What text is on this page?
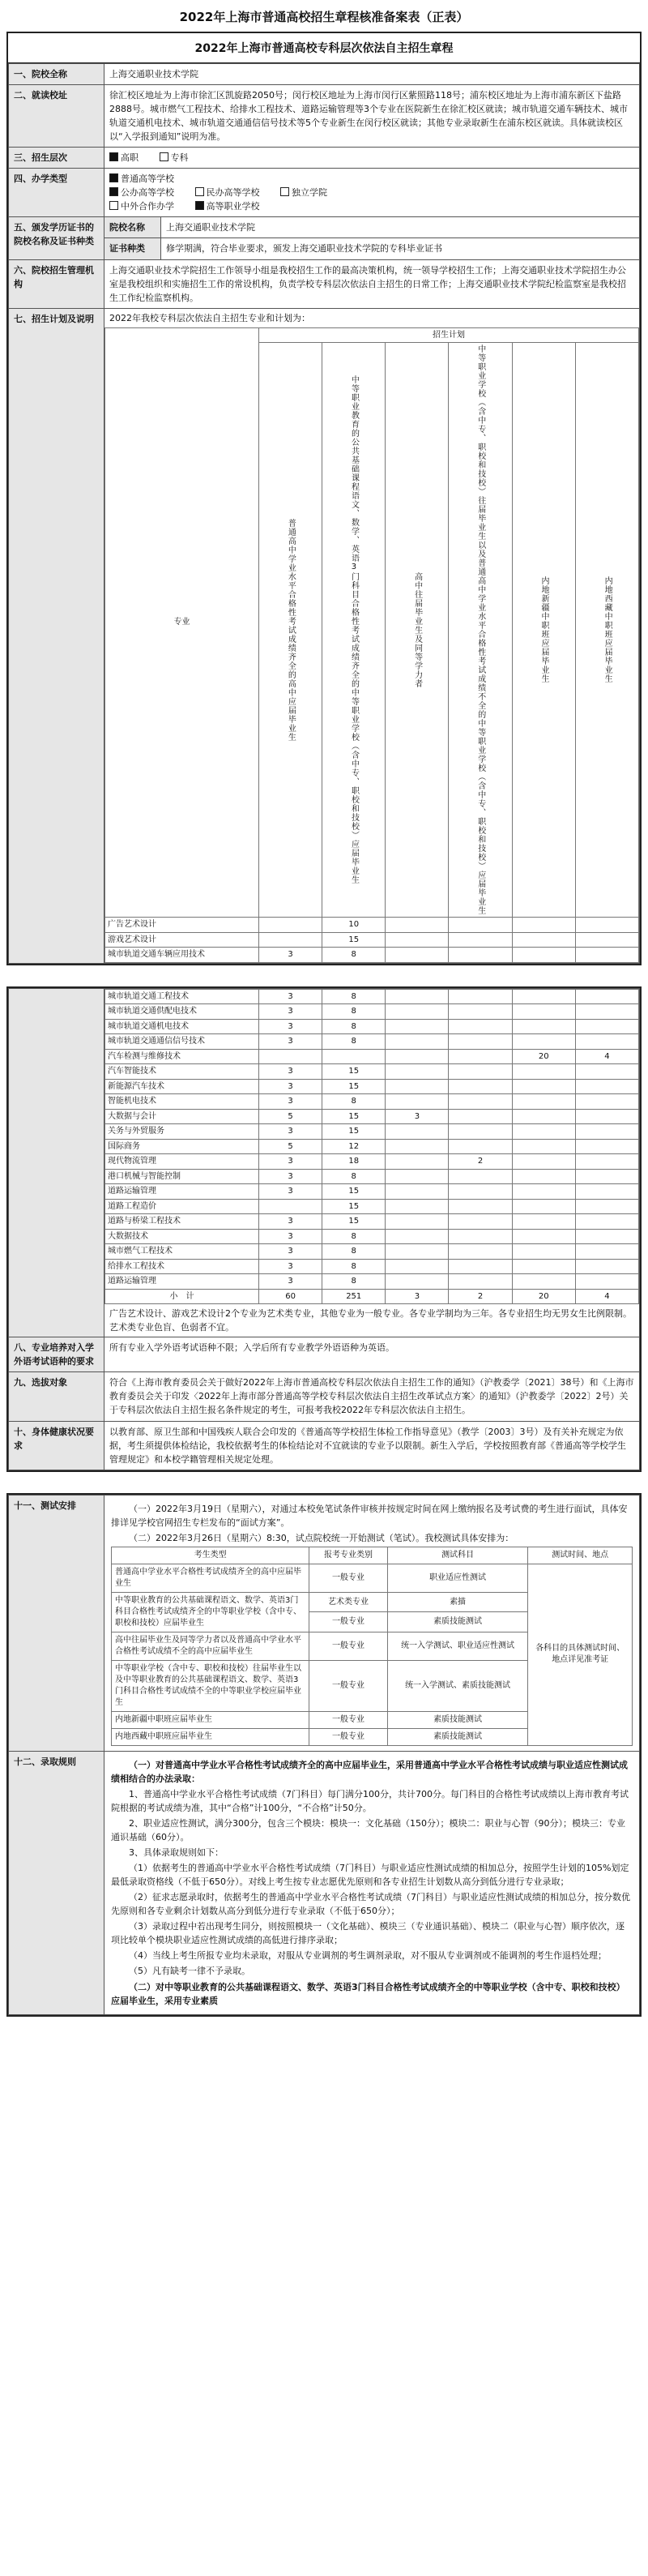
2022年上海市普通高校招生章程核准备案表（正表）
2022年上海市普通高校专科层次依法自主招生章程
一、院校全称	上海交通职业技术学院
二、就读校址	徐汇校区地址为上海市徐汇区凯旋路2050号；闵行校区地址为上海市闵行区紫照路118号；浦东校区地址为上海市浦东新区下盐路2888号。城市燃气工程技术、给排水工程技术、道路运输管理等3个专业在医院新生在徐汇校区就读；城市轨道交通车辆技术、城市轨道交通机电技术、城市轨道交通通信信号技术等5个专业新生在闵行校区就读；其他专业录取新生在浦东校区就读。具体就读校区以“入学报到通知”说明为准。
三、招生层次	高职	专科
四、办学类型	普通高等学校
公办高等学校	民办高等学校	独立学院
中外合作办学	高等职业学校

五、颁发学历证书的院校名称及证书种类	院校名称	上海交通职业技术学院
证书种类	修学期满，符合毕业要求，颁发上海交通职业技术学院的专科毕业证书
六、院校招生管理机构	上海交通职业技术学院招生工作领导小组是我校招生工作的最高决策机构，统一领导学校招生工作；上海交通职业技术学院招生办公室是我校组织和实施招生工作的常设机构，负责学校专科层次依法自主招生的日常工作；上海交通职业技术学院纪检监察室是我校招生工作纪检监察机构。
七、招生计划及说明	2022年我校专科层次依法自主招生专业和计划为：
专业	招生计划

普通高中学业水平合格性考试成绩齐全的高中应届毕业生	中等职业教育的公共基础课程语文、数学、英语3门科目合格性考试成绩齐全的中等职业学校（含中专、职校和技校）应届毕业生	高中往届毕业生及同等学力者	中等职业学校（含中专、职校和技校）往届毕业生以及普通高中学业水平合格性考试成绩不全的中等职业学校（含中专、职校和技校）应届毕业生	内地新疆中职班应届毕业生	内地西藏中职班应届毕业生

广告艺术设计		10				
游戏艺术设计		15				
城市轨道交通车辆应用技术	3	8				

城市轨道交通工程技术	3	8				
城市轨道交通供配电技术	3	8				
城市轨道交通机电技术	3	8				
城市轨道交通通信信号技术	3	8				
汽车检测与维修技术					20	4
汽车智能技术	3	15				
新能源汽车技术	3	15				
智能机电技术	3	8				
大数据与会计	5	15	3			
关务与外贸服务	3	15				
国际商务	5	12				
现代物流管理	3	18		2		
港口机械与智能控制	3	8				
道路运输管理	3	15				
道路工程造价		15				
道路与桥梁工程技术	3	15				
大数据技术	3	8				
城市燃气工程技术	3	8				
给排水工程技术	3	8				
道路运输管理	3	8				
小　计	60	251	3	2	20	4
广告艺术设计、游戏艺术设计2个专业为艺术类专业，其他专业为一般专业。各专业学制均为三年。各专业招生均无男女生比例限制。艺术类专业色盲、色弱者不宜。

八、专业培养对入学外语考试语种的要求	所有专业入学外语考试语种不限；入学后所有专业教学外语语种为英语。
九、选拔对象	符合《上海市教育委员会关于做好2022年上海市普通高校专科层次依法自主招生工作的通知》（沪教委学〔2021〕38号）和《上海市教育委员会关于印发〈2022年上海市部分普通高等学校专科层次依法自主招生改革试点方案〉的通知》（沪教委学〔2022〕2号）关于专科层次依法自主招生报名条件规定的考生，可报考我校2022年专科层次依法自主招生。
十、身体健康状况要求	以教育部、原卫生部和中国残疾人联合会印发的《普通高等学校招生体检工作指导意见》（教学〔2003〕3号）及有关补充规定为依据，考生须提供体检结论，我校依据考生的体检结论对不宜就读的专业予以限制。新生入学后，学校按照教育部《普通高等学校学生管理规定》和本校学籍管理相关规定处理。
十一、测试安排	（一）2022年3月19日（星期六），对通过本校免笔试条件审核并按规定时间在网上缴纳报名及考试费的考生进行面试，具体安排详见学校官网招生专栏发布的“面试方案”。

（二）2022年3月26日（星期六）8:30，试点院校统一开始测试（笔试）。我校测试具体安排为：

考生类型	报考专业类别	测试科目	测试时间、地点
普通高中学业水平合格性考试成绩齐全的高中应届毕业生	一般专业	职业适应性测试	各科目的具体测试时间、地点详见准考证
中等职业教育的公共基础课程语文、数学、英语3门科目合格性考试成绩齐全的中等职业学校（含中专、职校和技校）应届毕业生	艺术类专业	素描
一般专业	素质技能测试
高中往届毕业生及同等学力者以及普通高中学业水平合格性考试成绩不全的高中应届毕业生	一般专业	统一入学测试、职业适应性测试
中等职业学校（含中专、职校和技校）往届毕业生以及中等职业教育的公共基础课程语文、数学、英语3门科目合格性考试成绩不全的中等职业学校应届毕业生	一般专业	统一入学测试、素质技能测试
内地新疆中职班应届毕业生	一般专业	素质技能测试
内地西藏中职班应届毕业生	一般专业	素质技能测试

十二、录取规则	（一）对普通高中学业水平合格性考试成绩齐全的高中应届毕业生，采用普通高中学业水平合格性考试成绩与职业适应性测试成绩相结合的办法录取：

1、普通高中学业水平合格性考试成绩（7门科目）每门满分100分，共计700分。每门科目的合格性考试成绩以上海市教育考试院根据的考试成绩为准，其中“合格”计100分，“不合格”计50分。

2、职业适应性测试，满分300分，包含三个模块：模块一：文化基础（150分）；模块二：职业与心智（90分）；模块三：专业通识基础（60分）。

3、具体录取规则如下：

（1）依据考生的普通高中学业水平合格性考试成绩（7门科目）与职业适应性测试成绩的相加总分，按照学生计划的105%划定最低录取资格线（不低于650分）。对线上考生按专业志愿优先原则和各专业招生计划数从高分到低分进行专业录取；

（2）征求志愿录取时，依据考生的普通高中学业水平合格性考试成绩（7门科目）与职业适应性测试成绩的相加总分，按分数优先原则和各专业剩余计划数从高分到低分进行专业录取（不低于650分）；

（3）录取过程中若出现考生同分，则按照模块一（文化基础）、模块三（专业通识基础）、模块二（职业与心智）顺序依次，逐项比较单个模块职业适应性测试成绩的高低进行排序录取；

（4）当线上考生所报专业均未录取，对服从专业调剂的考生调剂录取，对不服从专业调剂或不能调剂的考生作退档处理；

（5）凡有缺考一律不予录取。

（二）对中等职业教育的公共基础课程语文、数学、英语3门科目合格性考试成绩齐全的中等职业学校（含中专、职校和技校）应届毕业生，采用专业素质
